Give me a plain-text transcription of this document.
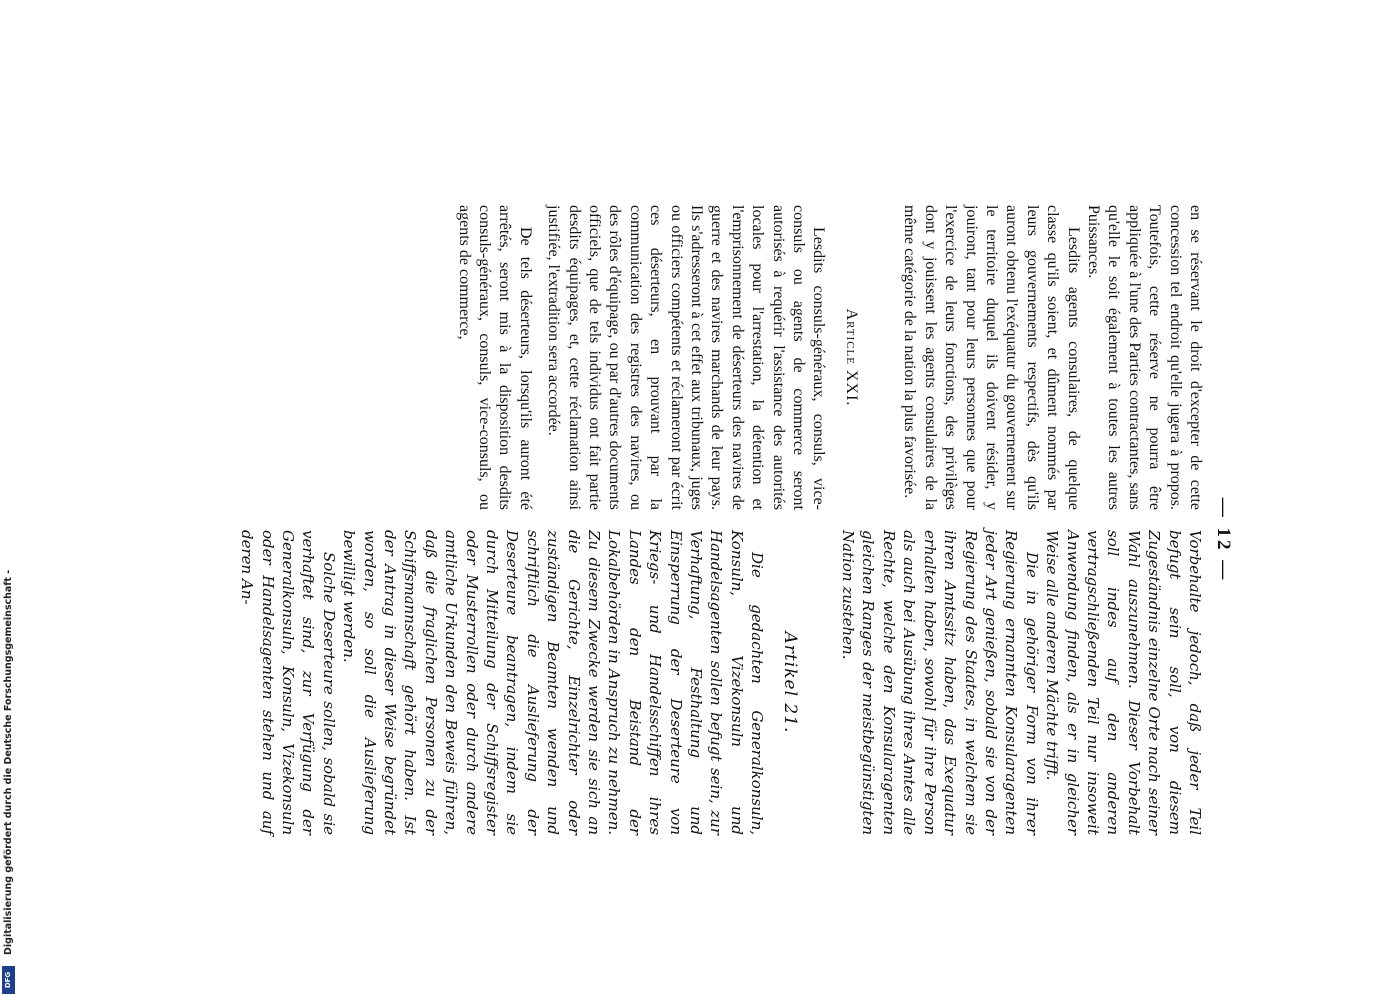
— 12 —

en se réservant le droit d'excepter de cette concession tel endroit qu'elle jugera à propos. Toutefois, cette réserve ne pourra être appliquée à l'une des Parties contractantes, sans qu'elle le soit également à toutes les autres Puissances.

Lesdits agents consulaires, de quelque classe qu'ils soient, et dûment nommés par leurs gouvernements respectifs, dès qu'ils auront obtenu l'exéquatur du gouvernement sur le territoire duquel ils doivent résider, y jouiront, tant pour leurs personnes que pour l'exercice de leurs fonctions, des privilèges dont y jouissent les agents consulaires de la même catégorie de la nation la plus favorisée.

Article XXI.

Lesdits consuls-généraux, consuls, vice-consuls ou agents de commerce seront autorisés à requérir l'assistance des autorités locales pour l'arrestation, la détention et l'emprisonnement de déserteurs des navires de guerre et des navires marchands de leur pays. Ils s'adresseront à cet effet aux tribunaux, juges ou officiers compétents et réclameront par écrit ces déserteurs, en prouvant par la communication des registres des navires, ou des rôles d'équipage, ou par d'autres documents officiels, que de tels individus ont fait partie desdits équipages, et, cette réclamation ainsi justifiée, l'extradition sera accordée.

De tels déserteurs, lorsqu'ils auront été arrêtés, seront mis à la disposition desdits consuls-généraux, consuls, vice-consuls, ou agents de commerce,

Vorbehalte jedoch, daß jeder Teil befugt sein soll, von diesem Zugeständnis einzelne Orte nach seiner Wahl auszunehmen. Dieser Vorbehalt soll indes auf den anderen vertragschließenden Teil nur insoweit Anwendung finden, als er in gleicher Weise alle anderen Mächte trifft.

Die in gehöriger Form von ihrer Regierung ernannten Konsularagenten jeder Art genießen, sobald sie von der Regierung des Staates, in welchem sie ihren Amtssitz haben, das Exequatur erhalten haben, sowohl für ihre Person als auch bei Ausübung ihres Amtes alle Rechte, welche den Konsularagenten gleichen Ranges der meistbegünstigten Nation zustehen.

Artikel 21.

Die gedachten Generalkonsuln, Konsuln, Vizekonsuln und Handelsagenten sollen befugt sein, zur Verhaftung, Festhaltung und Einsperrung der Deserteure von Kriegs- und Handelsschiffen ihres Landes den Beistand der Lokalbehörden in Anspruch zu nehmen. Zu diesem Zwecke werden sie sich an die Gerichte, Einzelrichter oder zuständigen Beamten wenden und schriftlich die Auslieferung der Deserteure beantragen, indem sie durch Mitteilung der Schiffsregister oder Musterrollen oder durch andere amtliche Urkunden den Beweis führen, daß die fraglichen Personen zu der Schiffsmannschaft gehört haben. Ist der Antrag in dieser Weise begründet worden, so soll die Auslieferung bewilligt werden.

Solche Deserteure sollen, sobald sie verhaftet sind, zur Verfügung der Generalkonsuln, Konsuln, Vizekonsuln oder Handelsagenten stehen und auf deren An-

Digitalisierung gefördert durch die Deutsche Forschungsgemeinschaft -
DFG
